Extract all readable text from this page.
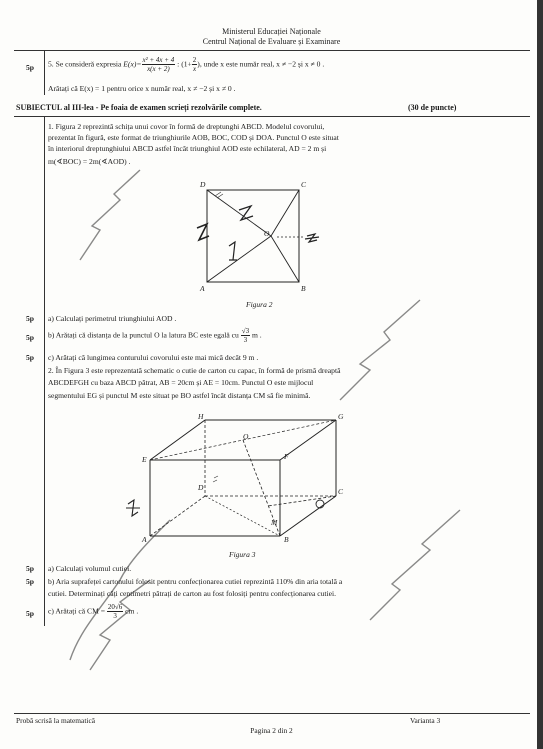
Ministerul Educației Naționale
Centrul Național de Evaluare și Examinare
5p 5. Se consideră expresia $E(x)= \frac{\text{x² + 4x + 4}}{x(x + 2)}$ : ($1+ \frac{2}{x}$ ), unde x este număr real, x ≠ −2 și x ≠ 0 .
Arătați că E(x) = 1 pentru orice x număr real, x ≠ −2 și x ≠ 0 .
SUBIECTUL al III-lea - Pe foaia de examen scrieți rezolvările complete.	(30 de puncte)
1. Figura 2 reprezintă schița unui covor în formă de dreptunghi ABCD. Modelul covorului,
prezentat în figură, este format de triunghiurile AOB, BOC, COD și DOA. Punctul O este situat
în interiorul dreptunghiului ABCD astfel încât triunghiul AOD este echilateral, AD = 2 m și
m(∢BOC) = 2m(∢AOD) .
D	C
O
A	B
Figura 2
5p a) Calculați perimetrul triunghiului AOD .
5p b) Arătați că distanța de la punctul O la latura BC este egală cu $\frac{√3}{3}$ m .
5p c) Arătați că lungimea conturului covorului este mai mică decât 9 m .
2. În Figura 3 este reprezentată schematic o cutie de carton cu capac, în formă de prismă dreaptă
ABCDEFGH cu baza ABCD pătrat, AB = 20cm și AE = 10cm. Punctul O este mijlocul
segmentului EG și punctul M este situat pe BO astfel încât distanța CM să fie minimă.
H	G
O
E	F
D	C
M
A	B
Figura 3
5p a) Calculați volumul cutiei.
5p b) Aria suprafeței cartonului folosit pentru confecționarea cutiei reprezintă 110% din aria totală a
cutiei. Determinați câți centimetri pătrați de carton au fost folosiți pentru confecționarea cutiei.
5p c) Arătați că CM = $\frac{20√6}{3}$ cm .
Probă scrisă la matematică	Varianta 3
Pagina 2 din 2
